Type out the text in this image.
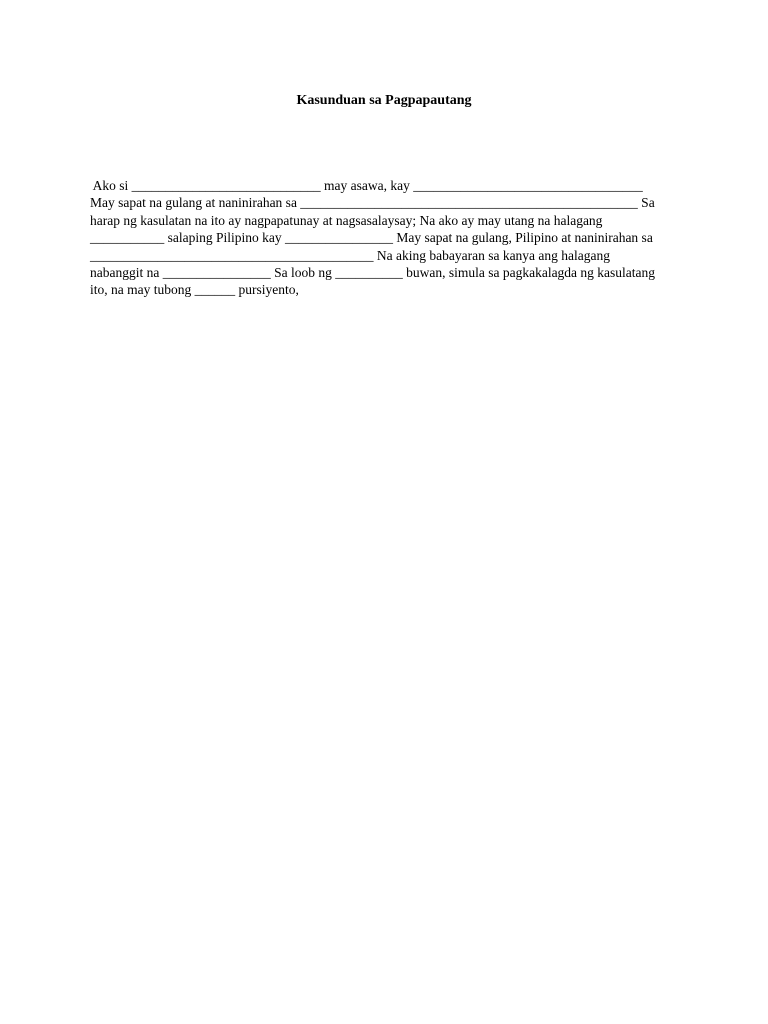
Kasunduan sa Pagpapautang
Ako si ____________________________ may asawa, kay __________________________________
May sapat na gulang at naninirahan sa __________________________________________________ Sa
harap ng kasulatan na ito ay nagpapatunay at nagsasalaysay; Na ako ay may utang na halagang
___________ salaping Pilipino kay ________________ May sapat na gulang, Pilipino at naninirahan sa
__________________________________________ Na aking babayaran sa kanya ang halagang
nabanggit na ________________ Sa loob ng __________ buwan, simula sa pagkakalagda ng kasulatang
ito, na may tubong ______ pursiyento,
